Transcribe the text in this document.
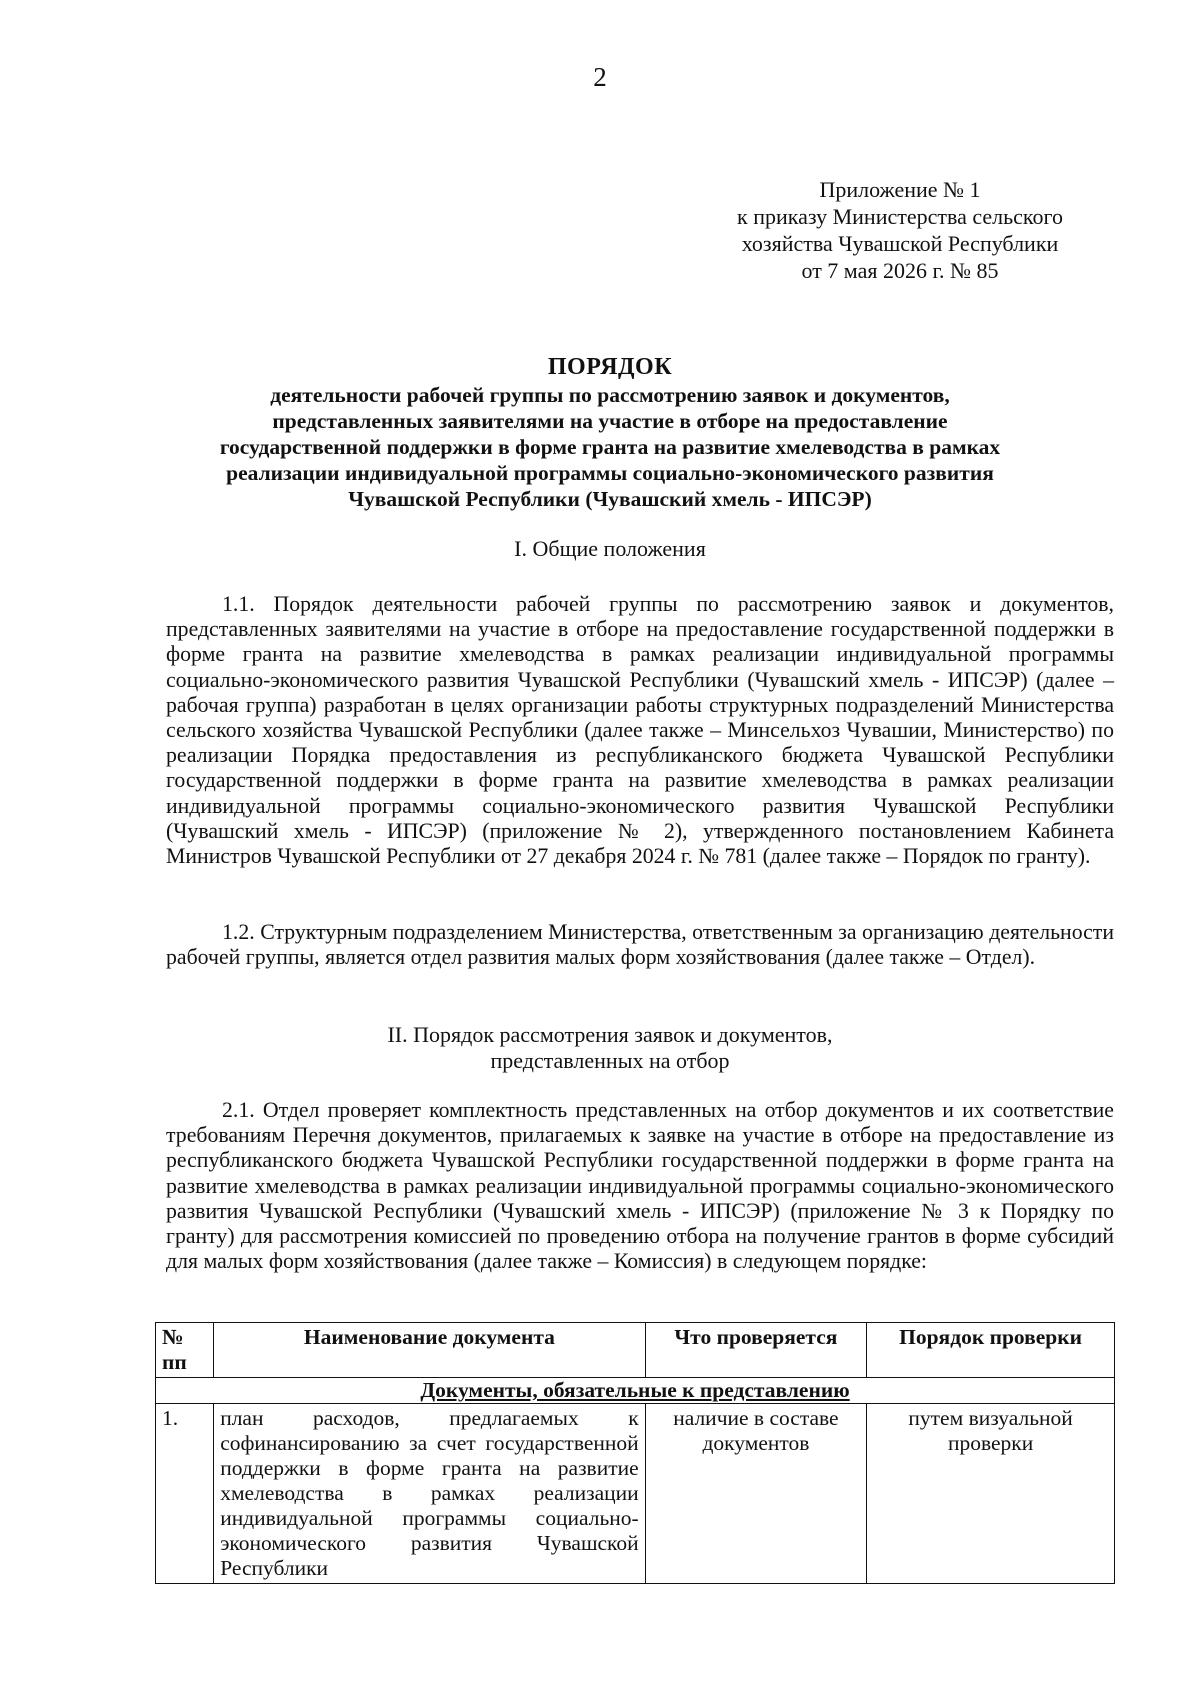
2
Приложение № 1
к приказу Министерства сельского
хозяйства Чувашской Республики
от 7 мая 2026 г. № 85
ПОРЯДОК
деятельности рабочей группы по рассмотрению заявок и документов,
представленных заявителями на участие в отборе на предоставление
государственной поддержки в форме гранта на развитие хмелеводства в рамках
реализации индивидуальной программы социально-экономического развития
Чувашской Республики (Чувашский хмель - ИПСЭР)
I. Общие положения
1.1. Порядок деятельности рабочей группы по рассмотрению заявок и документов, представленных заявителями на участие в отборе на предоставление государственной поддержки в форме гранта на развитие хмелеводства в рамках реализации индивидуальной программы социально-экономического развития Чувашской Республики (Чувашский хмель - ИПСЭР) (далее – рабочая группа) разработан в целях организации работы структурных подразделений Министерства сельского хозяйства Чувашской Республики (далее также – Минсельхоз Чувашии, Министерство) по реализации Порядка предоставления из республиканского бюджета Чувашской Республики государственной поддержки в форме гранта на развитие хмелеводства в рамках реализации индивидуальной программы социально-экономического развития Чувашской Республики (Чувашский хмель - ИПСЭР) (приложение № 2), утвержденного постановлением Кабинета Министров Чувашской Республики от 27 декабря 2024 г. № 781 (далее также – Порядок по гранту).
1.2. Структурным подразделением Министерства, ответственным за организацию деятельности рабочей группы, является отдел развития малых форм хозяйствования (далее также – Отдел).
II. Порядок рассмотрения заявок и документов,
представленных на отбор
2.1. Отдел проверяет комплектность представленных на отбор документов и их соответствие требованиям Перечня документов, прилагаемых к заявке на участие в отборе на предоставление из республиканского бюджета Чувашской Республики государственной поддержки в форме гранта на развитие хмелеводства в рамках реализации индивидуальной программы социально-экономического развития Чувашской Республики (Чувашский хмель - ИПСЭР) (приложение № 3 к Порядку по гранту) для рассмотрения комиссией по проведению отбора на получение грантов в форме субсидий для малых форм хозяйствования (далее также – Комиссия) в следующем порядке:
№ пп	Наименование документа	Что проверяется	Порядок проверки
Документы, обязательные к представлению			
1.	план расходов, предлагаемых к софинансированию за счет государственной поддержки в форме гранта на развитие хмелеводства в рамках реализации индивидуальной программы социально-экономического развития Чувашской Республики	наличие в составе документов	путем визуальной проверки
